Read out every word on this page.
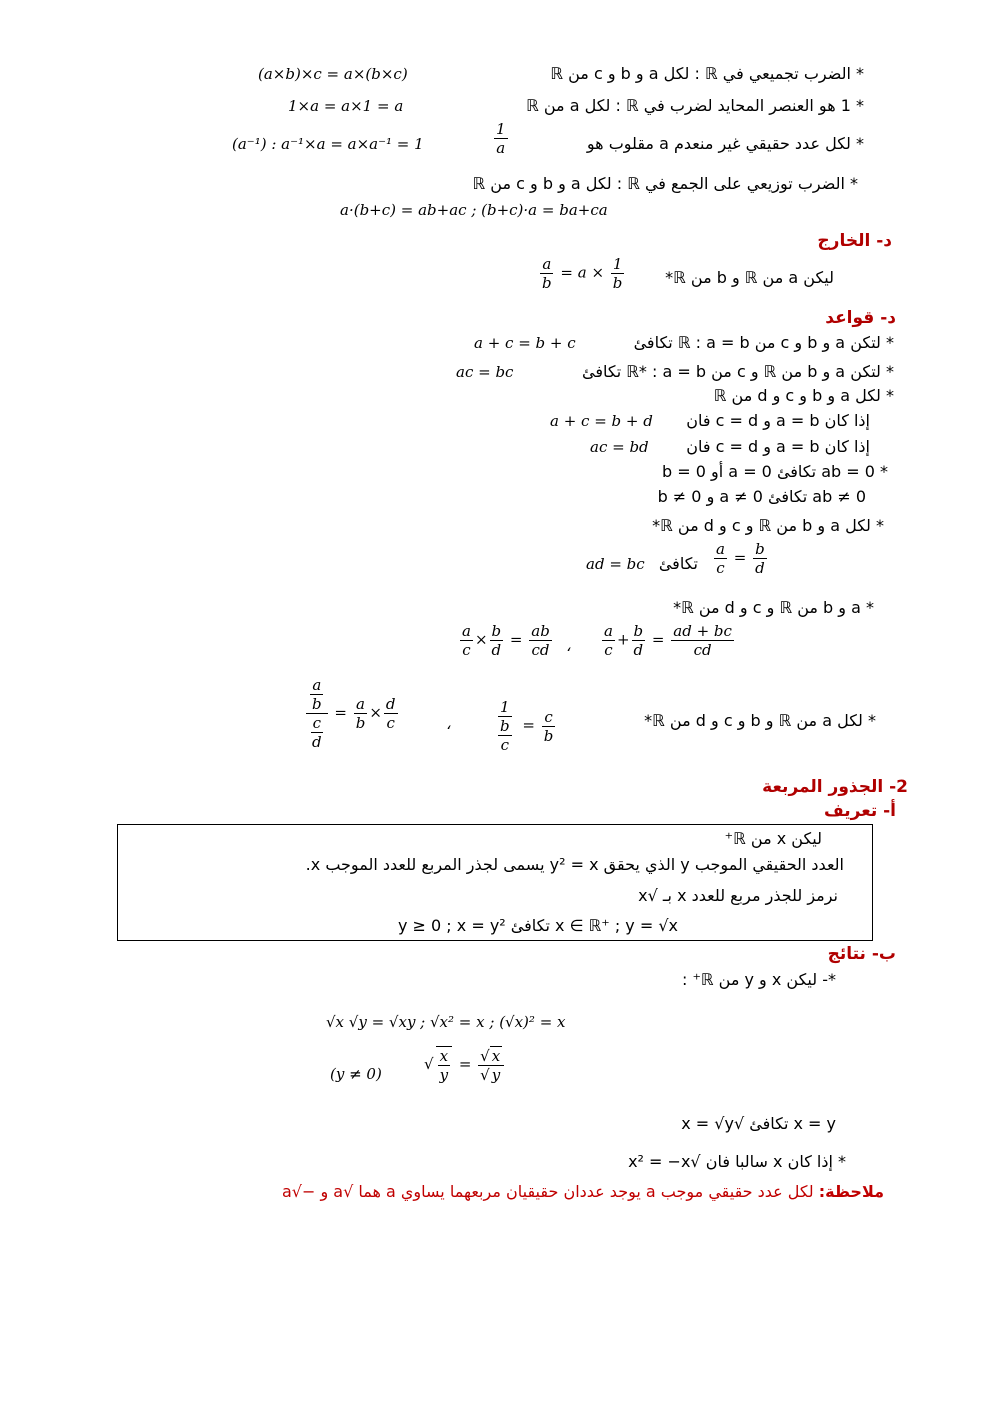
* الضرب تجميعي في ℝ : لكل a و b و c من ℝ
(a×b)×c = a×(b×c)
* 1 هو العنصر المحايد لضرب في ℝ : لكل a من ℝ
1×a = a×1 = a
* لكل عدد حقيقي غير منعدم a مقلوب هو
$\frac{1}{a}$
(a⁻¹) : a⁻¹×a = a×a⁻¹ = 1
* الضرب توزيعي على الجمع في ℝ : لكل a و b و c من ℝ
a·(b+c) = ab+ac ; (b+c)·a = ba+ca
د- الخارج
ليكن a من ℝ و b من ℝ*
$\frac{a}{b} = a \times \frac{1}{b}$
د- قواعد
* لتكن a و b و c من ℝ : a = b تكافئ
a + c = b + c
* لتكن a و b من ℝ و c من ℝ* : a = b تكافئ
ac = bc
* لكل a و b و c و d من ℝ
إذا كان a = b و c = d فان
a + c = b + d
إذا كان a = b و c = d فان
ac = bd
* ab = 0 تكافئ a = 0 أو b = 0
ab ≠ 0 تكافئ a ≠ 0 و b ≠ 0
* لكل a و b من ℝ و c و d من ℝ*
ad = bc تكافئ $\frac{a}{c} = \frac{b}{d}$
* a و b من ℝ و c و d من ℝ*
$\frac{a}{c} \times \frac{b}{d} = \frac{ab}{cd}$ ، $\frac{a}{c} + \frac{b}{d} = \frac{ad + bc}{cd}$
* لكل a من ℝ و b و c و d من ℝ*
$\frac{\frac{a}{b}}{\frac{c}{d}} = \frac{a}{b} \times \frac{d}{c}$	،	$\frac{1}{\frac{b}{c}} = \frac{c}{b}$
2- الجذور المربعة
أ- تعريف
ليكن x من ℝ⁺
العدد الحقيقي الموجب y الذي يحقق y² = x يسمى لجذر المربع للعدد الموجب x.
نرمز للجذر مربع للعدد x بـ √x
x ∈ ℝ⁺ ; y = √x تكافئ y ≥ 0 ; x = y²
ب- نتائج
*- ليكن x و y من ℝ⁺ :
√x √y = √xy ; √x² = x ; (√x)² = x
(y ≠ 0)
√ $\frac{x}{y} = \frac{√ x}{√ y}$
x = y تكافئ √x = √y
* إذا كان x سالبا فان √x² = −x
ملاحظة: لكل عدد حقيقي موجب a يوجد عددان حقيقيان مربعهما يساوي a هما √a و −√a
